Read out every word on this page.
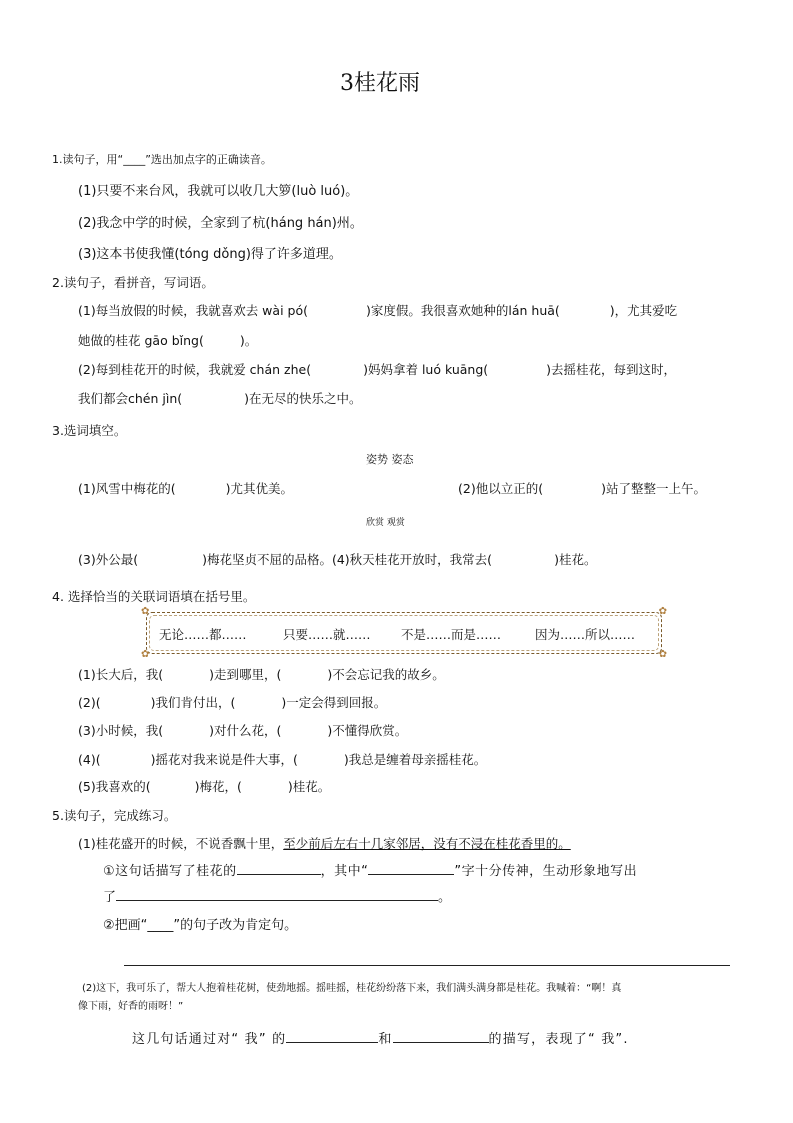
3桂花雨
1.读句子，用“____”选出加点字的正确读音。
(1)只要不来台风，我就可以收几大箩(luò luó)。
(2)我念中学的时候，全家到了杭(háng hán)州。
(3)这本书使我懂(tóng dǒng)得了许多道理。
2.读句子，看拼音，写词语。
(1)每当放假的时候，我就喜欢去 wài pó(	)家度假。我很喜欢她种的lán huā(	)，尤其爱吃
她做的桂花 gāo bǐng(	)。
(2)每到桂花开的时候，我就爱 chán zhe(	)妈妈拿着 luó kuāng(	)去摇桂花，每到这时，
我们都会chén jìn(	)在无尽的快乐之中。
3.选词填空。
姿势 姿态
(1)风雪中梅花的(	)尤其优美。	(2)他以立正的(	)站了整整一上午。
欣赏 观赏
(3)外公最(	)梅花坚贞不屈的品格。(4)秋天桂花开放时，我常去(	)桂花。
4. 选择恰当的关联词语填在括号里。
✿	✿
✿	✿
无论……都……	只要……就…… 不是……而是……	因为……所以……
(1)长大后，我(	)走到哪里，(	)不会忘记我的故乡。
(2)(	)我们肯付出，(	)一定会得到回报。
(3)小时候，我(	)对什么花，(	)不懂得欣赏。
(4)(	)摇花对我来说是件大事，(	)我总是缠着母亲摇桂花。
(5)我喜欢的(	)梅花，(	)桂花。
5.读句子，完成练习。
(1)桂花盛开的时候，不说香飘十里，至少前后左右十几家邻居，没有不浸在桂花香里的。
①这句话描写了桂花的	，其中“	”字十分传神，生动形象地写出
了	。
②把画“____”的句子改为肯定句。
(2)这下，我可乐了，帮大人抱着桂花树，使劲地摇。摇哇摇，桂花纷纷落下来，我们满头满身都是桂花。我喊着：“啊！真
像下雨，好香的雨呀！”
这几句话通过对“ 我” 的	和	的描写，表现了“ 我”.
